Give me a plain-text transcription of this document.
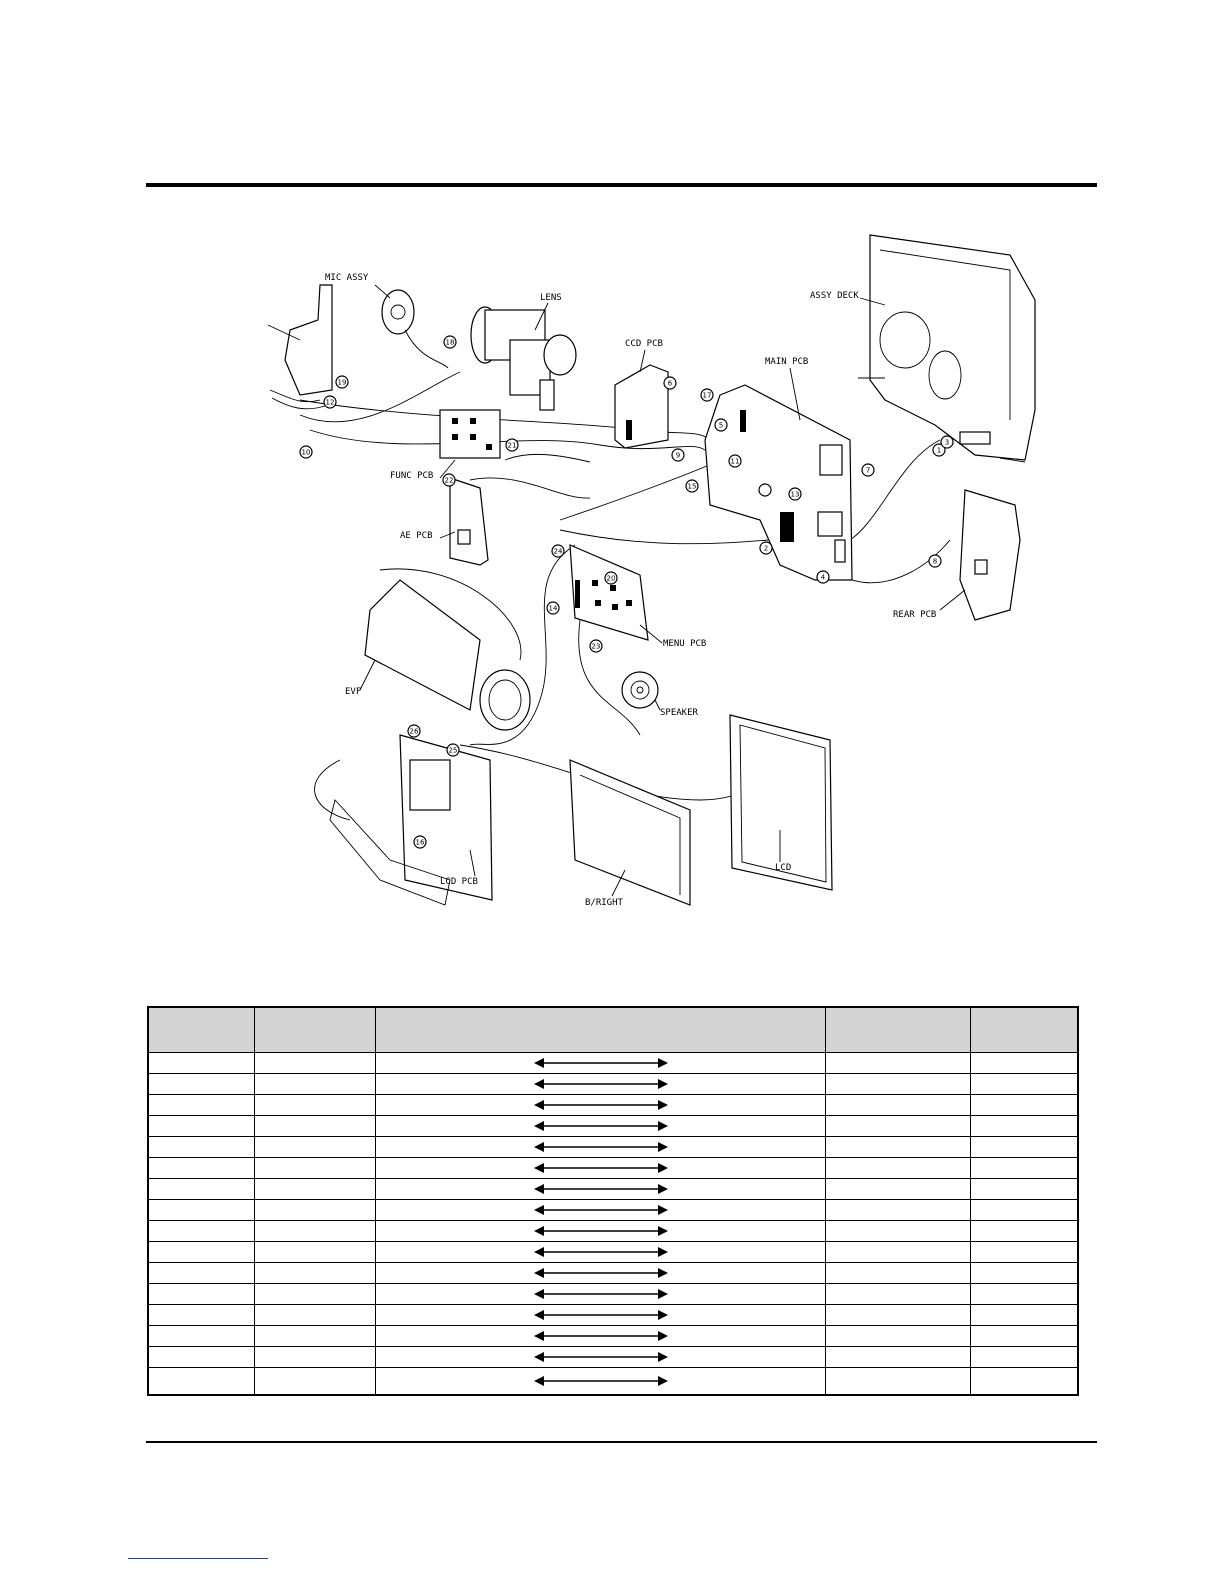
MIC ASSY
LENS
CCD PCB
MAIN PCB
ASSY DECK
FUNC PCB
AE PCB
REAR PCB
MENU PCB
SPEAKER
EVF
LCD PCB
B/RIGHT
LCD
1
2
3
4
5
6
7
8
9
10
11
12
13
14
15
16
17
18
19
20
21
22
23
24
25
26
